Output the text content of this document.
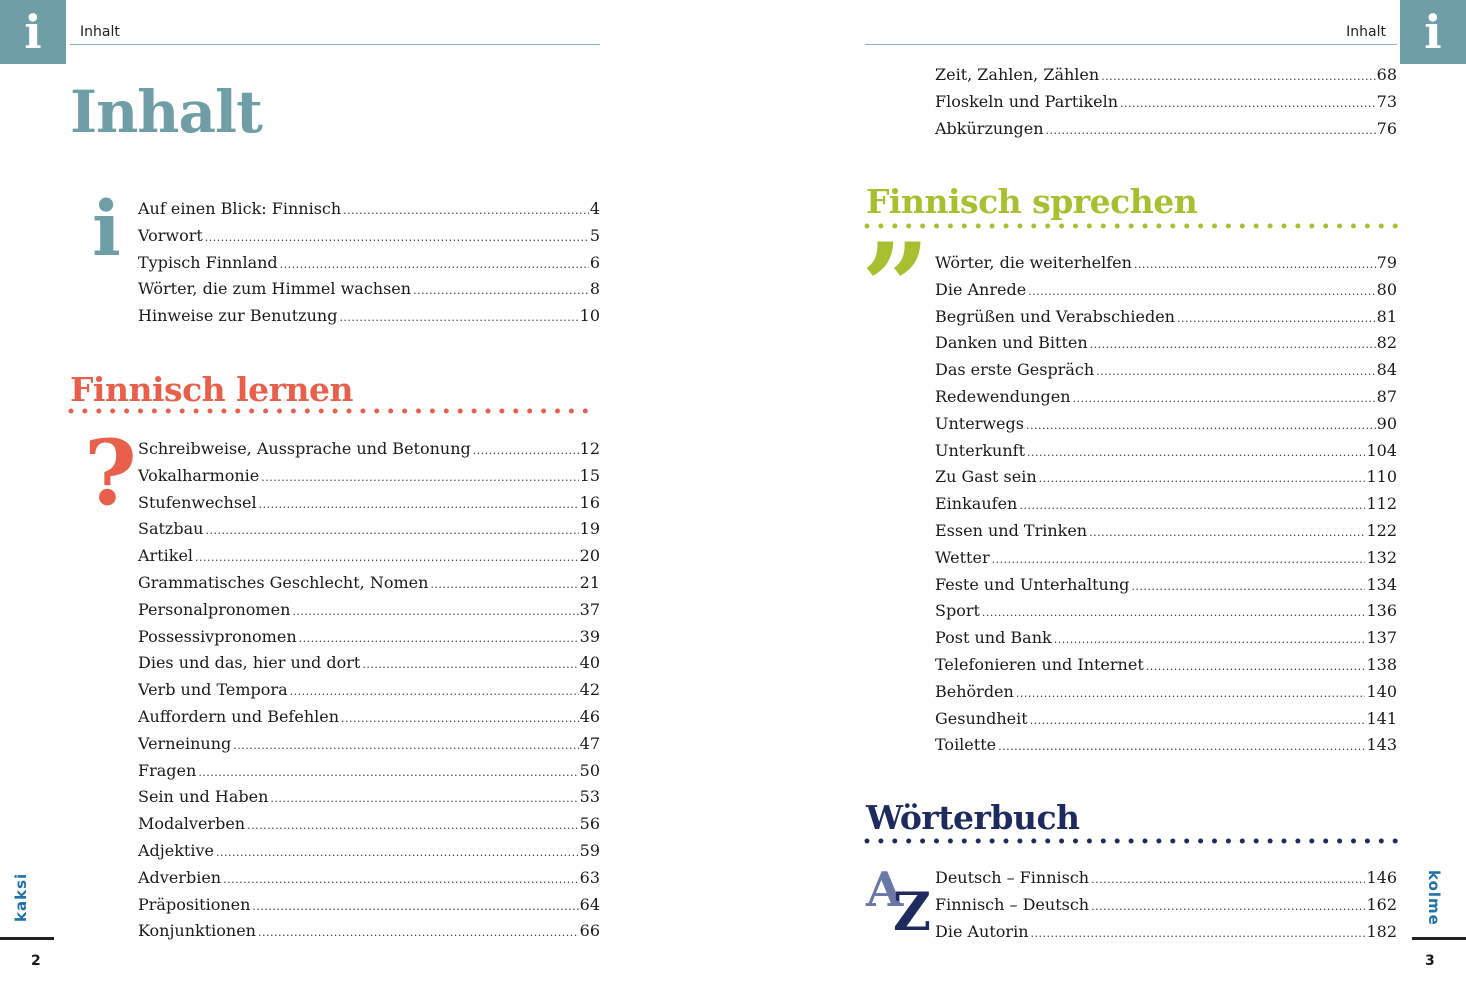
i	Inhalt
Inhalt
i Auf einen Blick: Finnisch .....	4
Vorwort .....	5
Typisch Finnland .....	6
Wörter, die zum Himmel wachsen .....	8
Hinweise zur Benutzung .....	10
Finnisch lernen
? Schreibweise, Aussprache und Betonung .....	12
Vokalharmonie .....	15
Stufenwechsel .....	16
Satzbau .....	19
Artikel .....	20
Grammatisches Geschlecht, Nomen .....	21
Personalpronomen .....	37
Possessivpronomen .....	39
Dies und das, hier und dort .....	40
Verb und Tempora .....	42
Auffordern und Befehlen .....	46
Verneinung .....	47
Fragen .....	50
Sein und Haben .....	53
Modalverben .....	56
Adjektive .....	59
Adverbien .....	63
Präpositionen .....	64
Konjunktionen .....	66
kaksi
2
i
Inhalt
Zeit, Zahlen, Zählen .....	68
Floskeln und Partikeln .....	73
Abkürzungen .....	76
Finnisch sprechen
” Wörter, die weiterhelfen .....	79
Die Anrede .....	80
Begrüßen und Verabschieden .....	81
Danken und Bitten .....	82
Das erste Gespräch .....	84
Redewendungen .....	87
Unterwegs .....	90
Unterkunft .....	104
Zu Gast sein .....	110
Einkaufen .....	112
Essen und Trinken .....	122
Wetter .....	132
Feste und Unterhaltung .....	134
Sport .....	136
Post und Bank .....	137
Telefonieren und Internet .....	138
Behörden .....	140
Gesundheit .....	141
Toilette .....	143
Wörterbuch
A
Z
Deutsch – Finnisch .....	146
Finnisch – Deutsch .....	162
Die Autorin .....	182
kolme
3
